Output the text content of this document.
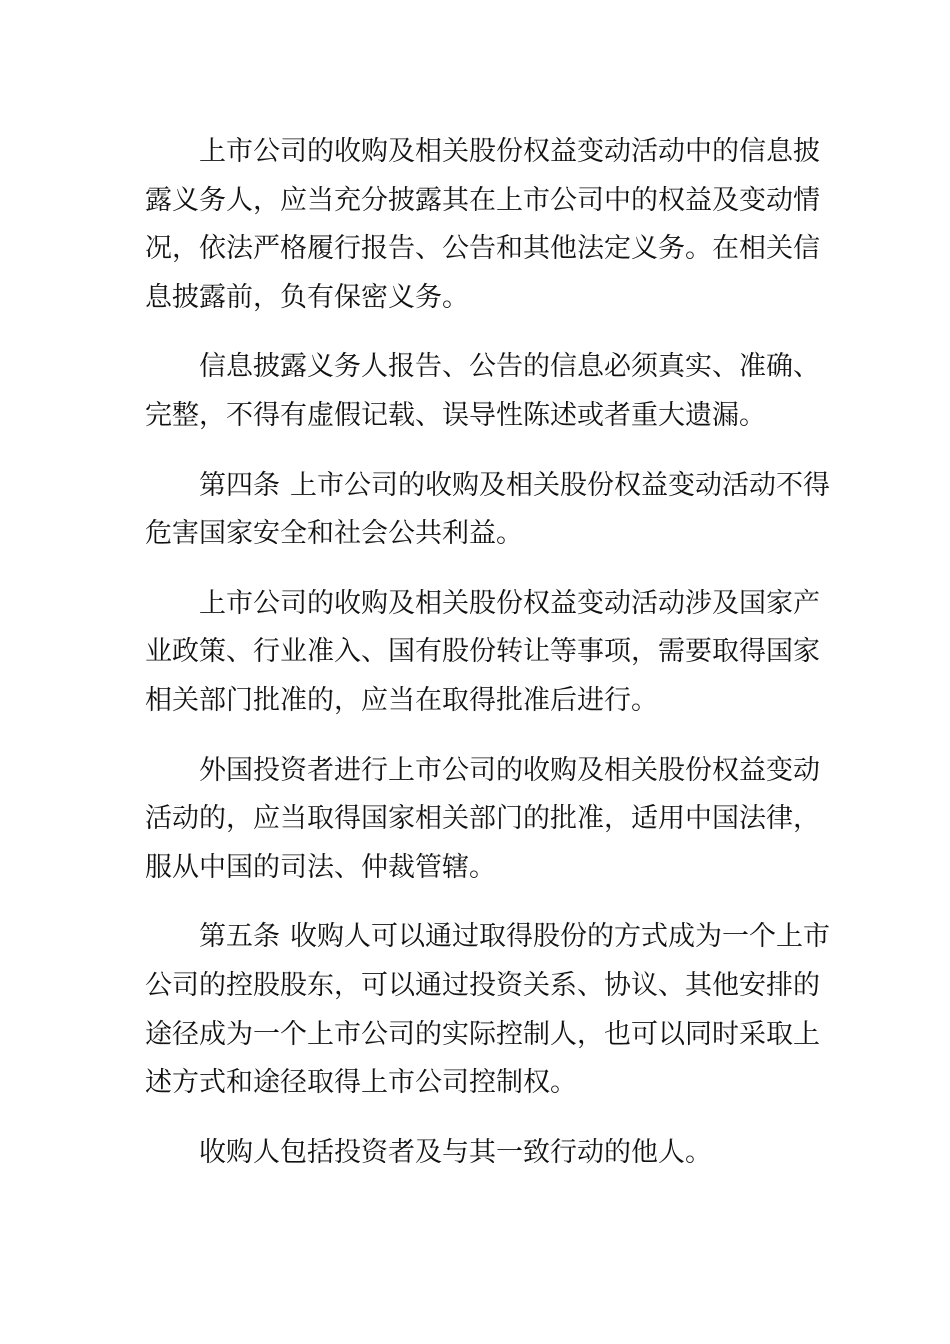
上市公司的收购及相关股份权益变动活动中的信息披
露义务人，应当充分披露其在上市公司中的权益及变动情
况，依法严格履行报告、公告和其他法定义务。在相关信
息披露前，负有保密义务。

信息披露义务人报告、公告的信息必须真实、准确、
完整，不得有虚假记载、误导性陈述或者重大遗漏。

第四条 上市公司的收购及相关股份权益变动活动不得
危害国家安全和社会公共利益。

上市公司的收购及相关股份权益变动活动涉及国家产
业政策、行业准入、国有股份转让等事项，需要取得国家
相关部门批准的，应当在取得批准后进行。

外国投资者进行上市公司的收购及相关股份权益变动
活动的，应当取得国家相关部门的批准，适用中国法律，
服从中国的司法、仲裁管辖。

第五条 收购人可以通过取得股份的方式成为一个上市
公司的控股股东，可以通过投资关系、协议、其他安排的
途径成为一个上市公司的实际控制人，也可以同时采取上
述方式和途径取得上市公司控制权。

收购人包括投资者及与其一致行动的他人。
